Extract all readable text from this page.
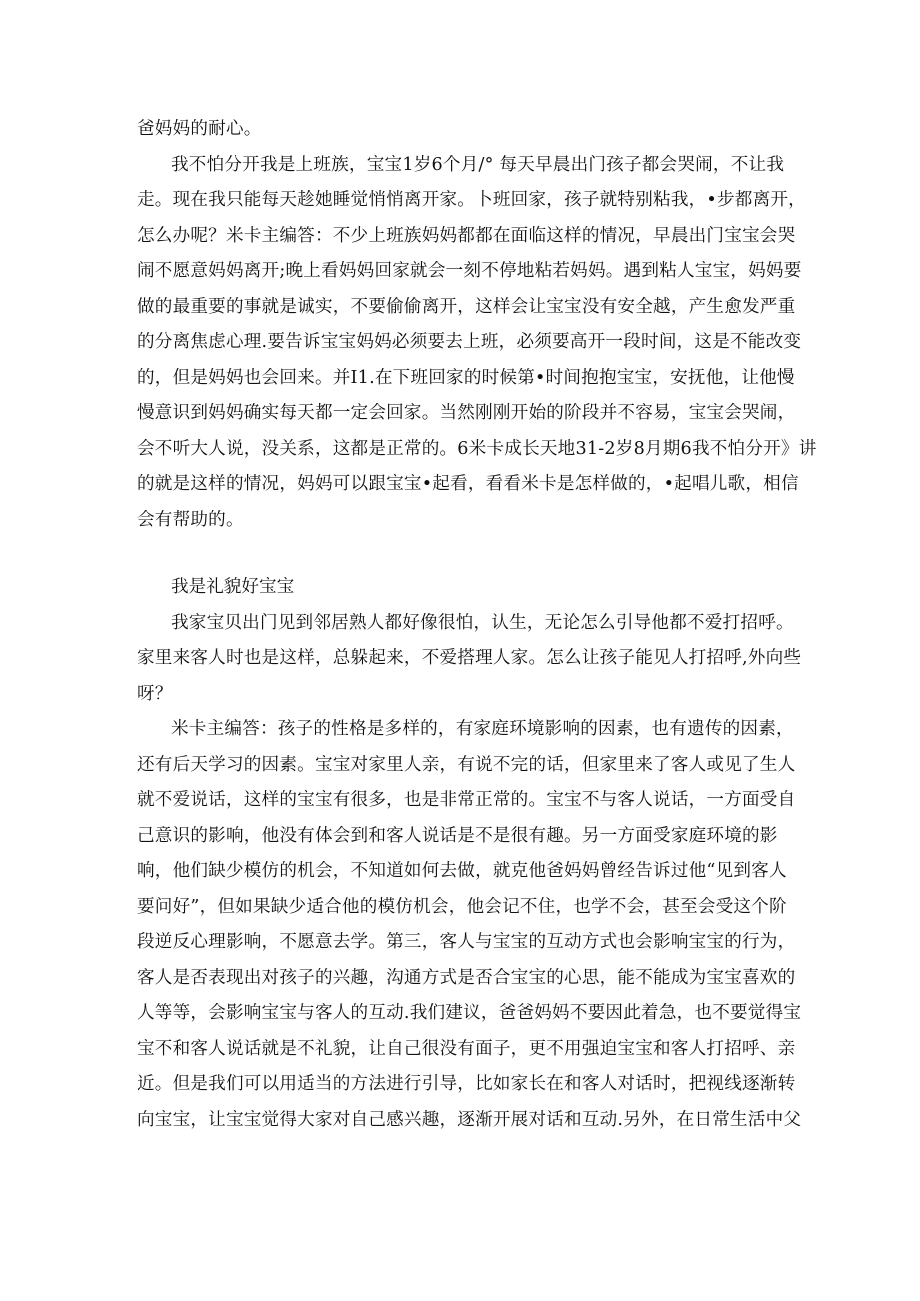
爸妈妈的耐心。
我不怕分开我是上班族，宝宝1岁6个月/° 每天早晨出门孩子都会哭闹，不让我
走。现在我只能每天趁她睡觉悄悄离开家。卜班回家，孩子就特别粘我，•步都离开，
怎么办呢？米卡主编答：不少上班族妈妈都都在面临这样的情况，早晨出门宝宝会哭
闹不愿意妈妈离开;晚上看妈妈回家就会一刻不停地粘若妈妈。遇到粘人宝宝，妈妈要
做的最重要的事就是诚实，不要偷偷离开，这样会让宝宝没有安全越，产生愈发严重
的分离焦虑心理.要告诉宝宝妈妈必须要去上班，必须要高开一段时间，这是不能改变
的，但是妈妈也会回来。并I1.在下班回家的时候第•时间抱抱宝宝，安抚他，让他慢
慢意识到妈妈确实每天都一定会回家。当然刚刚开始的阶段并不容易，宝宝会哭闹，
会不听大人说，没关系，这都是正常的。6米卡成长天地31-2岁8月期6我不怕分开》讲
的就是这样的情况，妈妈可以跟宝宝•起看，看看米卡是怎样做的，•起唱儿歌，相信
会有帮助的。
我是礼貌好宝宝
我家宝贝出门见到邻居熟人都好像很怕，认生，无论怎么引导他都不爱打招呼。
家里来客人时也是这样，总躲起来，不爱搭理人家。怎么让孩子能见人打招呼,外向些
呀？
米卡主编答：孩子的性格是多样的，有家庭环境影响的因素，也有遗传的因素，
还有后天学习的因素。宝宝对家里人亲，有说不完的话，但家里来了客人或见了生人
就不爱说话，这样的宝宝有很多，也是非常正常的。宝宝不与客人说话，一方面受自
己意识的影响，他没有体会到和客人说话是不是很有趣。另一方面受家庭环境的影
响，他们缺少模仿的机会，不知道如何去做，就克他爸妈妈曾经告诉过他“见到客人
要问好”，但如果缺少适合他的模仿机会，他会记不住，也学不会，甚至会受这个阶
段逆反心理影响，不愿意去学。第三，客人与宝宝的互动方式也会影响宝宝的行为，
客人是否表现出对孩子的兴趣，沟通方式是否合宝宝的心思，能不能成为宝宝喜欢的
人等等，会影响宝宝与客人的互动.我们建议，爸爸妈妈不要因此着急，也不要觉得宝
宝不和客人说话就是不礼貌，让自己很没有面子，更不用强迫宝宝和客人打招呼、亲
近。但是我们可以用适当的方法进行引导，比如家长在和客人对话时，把视线逐渐转
向宝宝，让宝宝觉得大家对自己感兴趣，逐渐开展对话和互动.另外，在日常生活中父
